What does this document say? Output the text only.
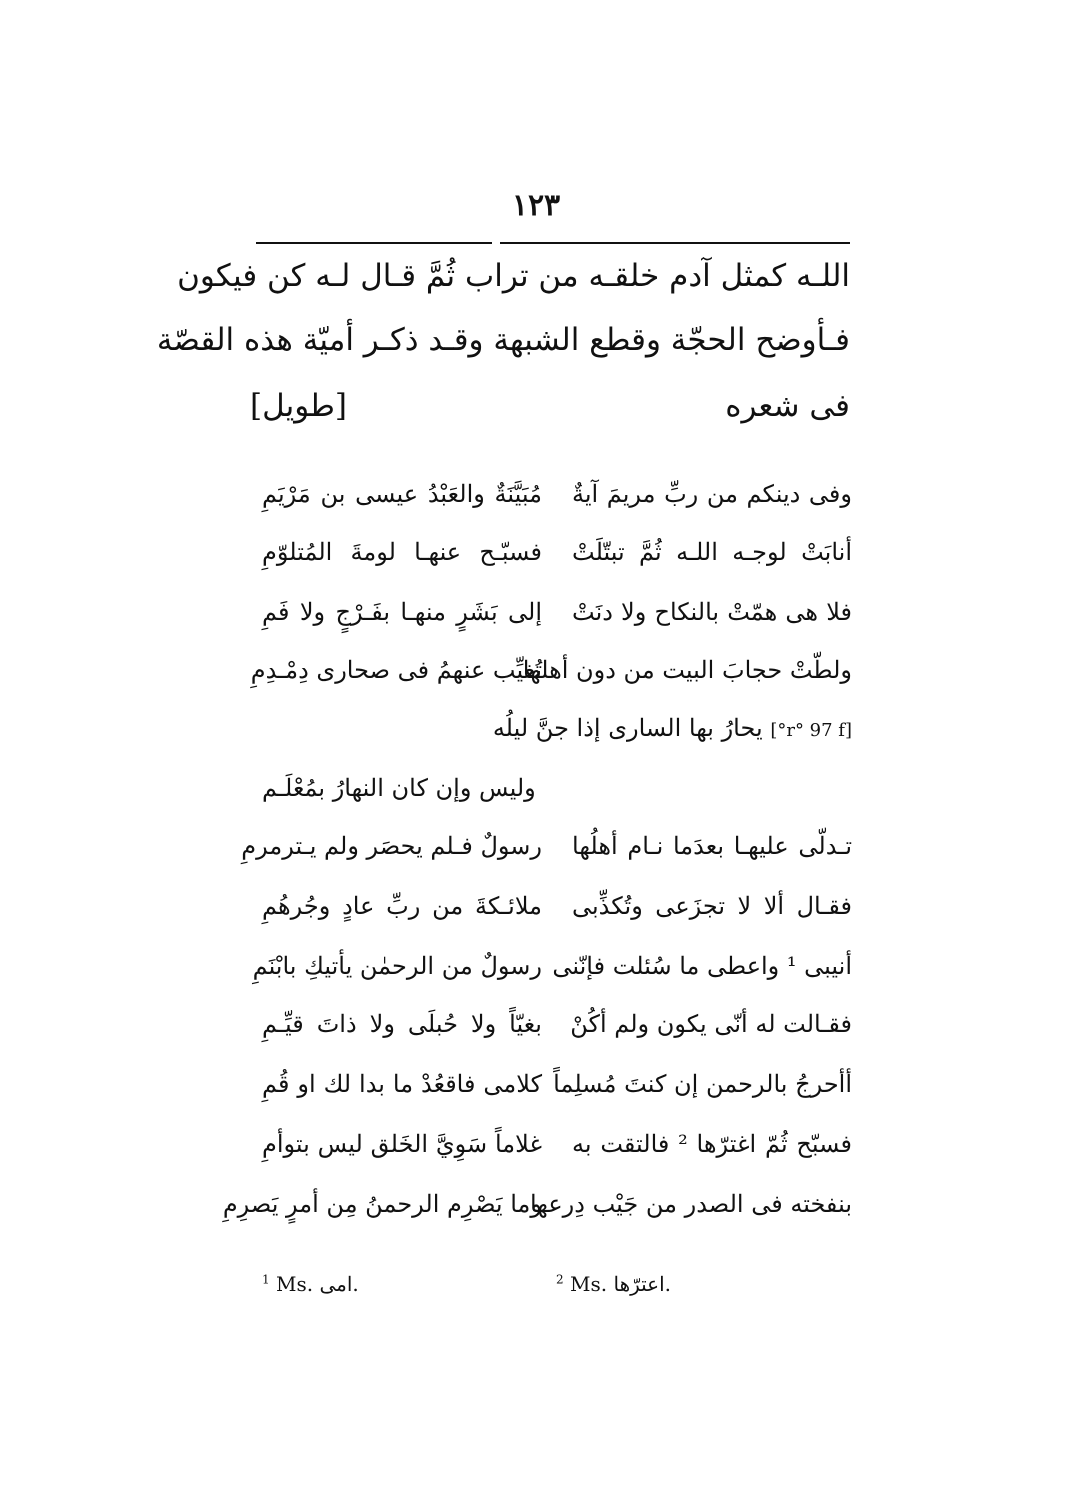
١٢٣
اللـه كمثل آدم خلقـه من تراب ثُمَّ قـال لـه كن فيكون
فـأوضح الحجّة وقطع الشبهة وقـد ذكـر أميّة هذه القصّة
فى شعره
[طويل]
وفى دينكم من ربِّ مريمَ آيةٌ
مُبَيَّنَةٌ والعَبْدُ عيسى بن مَرْيَمِ
أنابَتْ لوجـه اللـه ثُمَّ تبتّلَتْ
فسبّـح عنهـا لومةَ المُتلوّمِ
فلا هى همّتْ بالنكاح ولا دنَتْ
إلى بَشَرٍ منهـا بفَـرْجٍ ولا فَمِ
ولطّتْ حجابَ البيت من دون أهلها
تُغيِّب عنهمُ فى صحارى دِمْـدِمِ
[r° 97 f°] يحارُ بها السارى إذا جنَّ ليلُه
وليس وإن كان النهارُ بمُعْلَـم
تـدلّى عليهـا بعدَما نـام أهلُها
رسولٌ فـلم يحصَر ولم يـترمرمِ
فقـال ألا لا تجزَعى وتُكذِّبى
ملائـكةَ من ربِّ عادٍ وجُرهُمِ
أنيبى ¹ واعطى ما سُئلت فإنّنى
رسولٌ من الرحمٰن يأتيكِ بابْنَمِ
فقـالت له أنّى يكون ولم أكُنْ
بغيّاً ولا حُبلَى ولا ذاتَ قيِّـمِ
أأحرجُ بالرحمن إن كنتَ مُسلِماً
كلامى فاقعُدْ ما بدا لك او قُمِ
فسبّح ثُمّ اغترّها ² فالتقت به
غلاماً سَوِيَّ الخَلق ليس بتوأمِ
بنفخته فى الصدر من جَيْب دِرعها
وما يَصْرِم الرحمنُ مِن أمرٍ يَصرِمِ
$^1$ Ms. امى.	$^2$ Ms. اعترّها.
